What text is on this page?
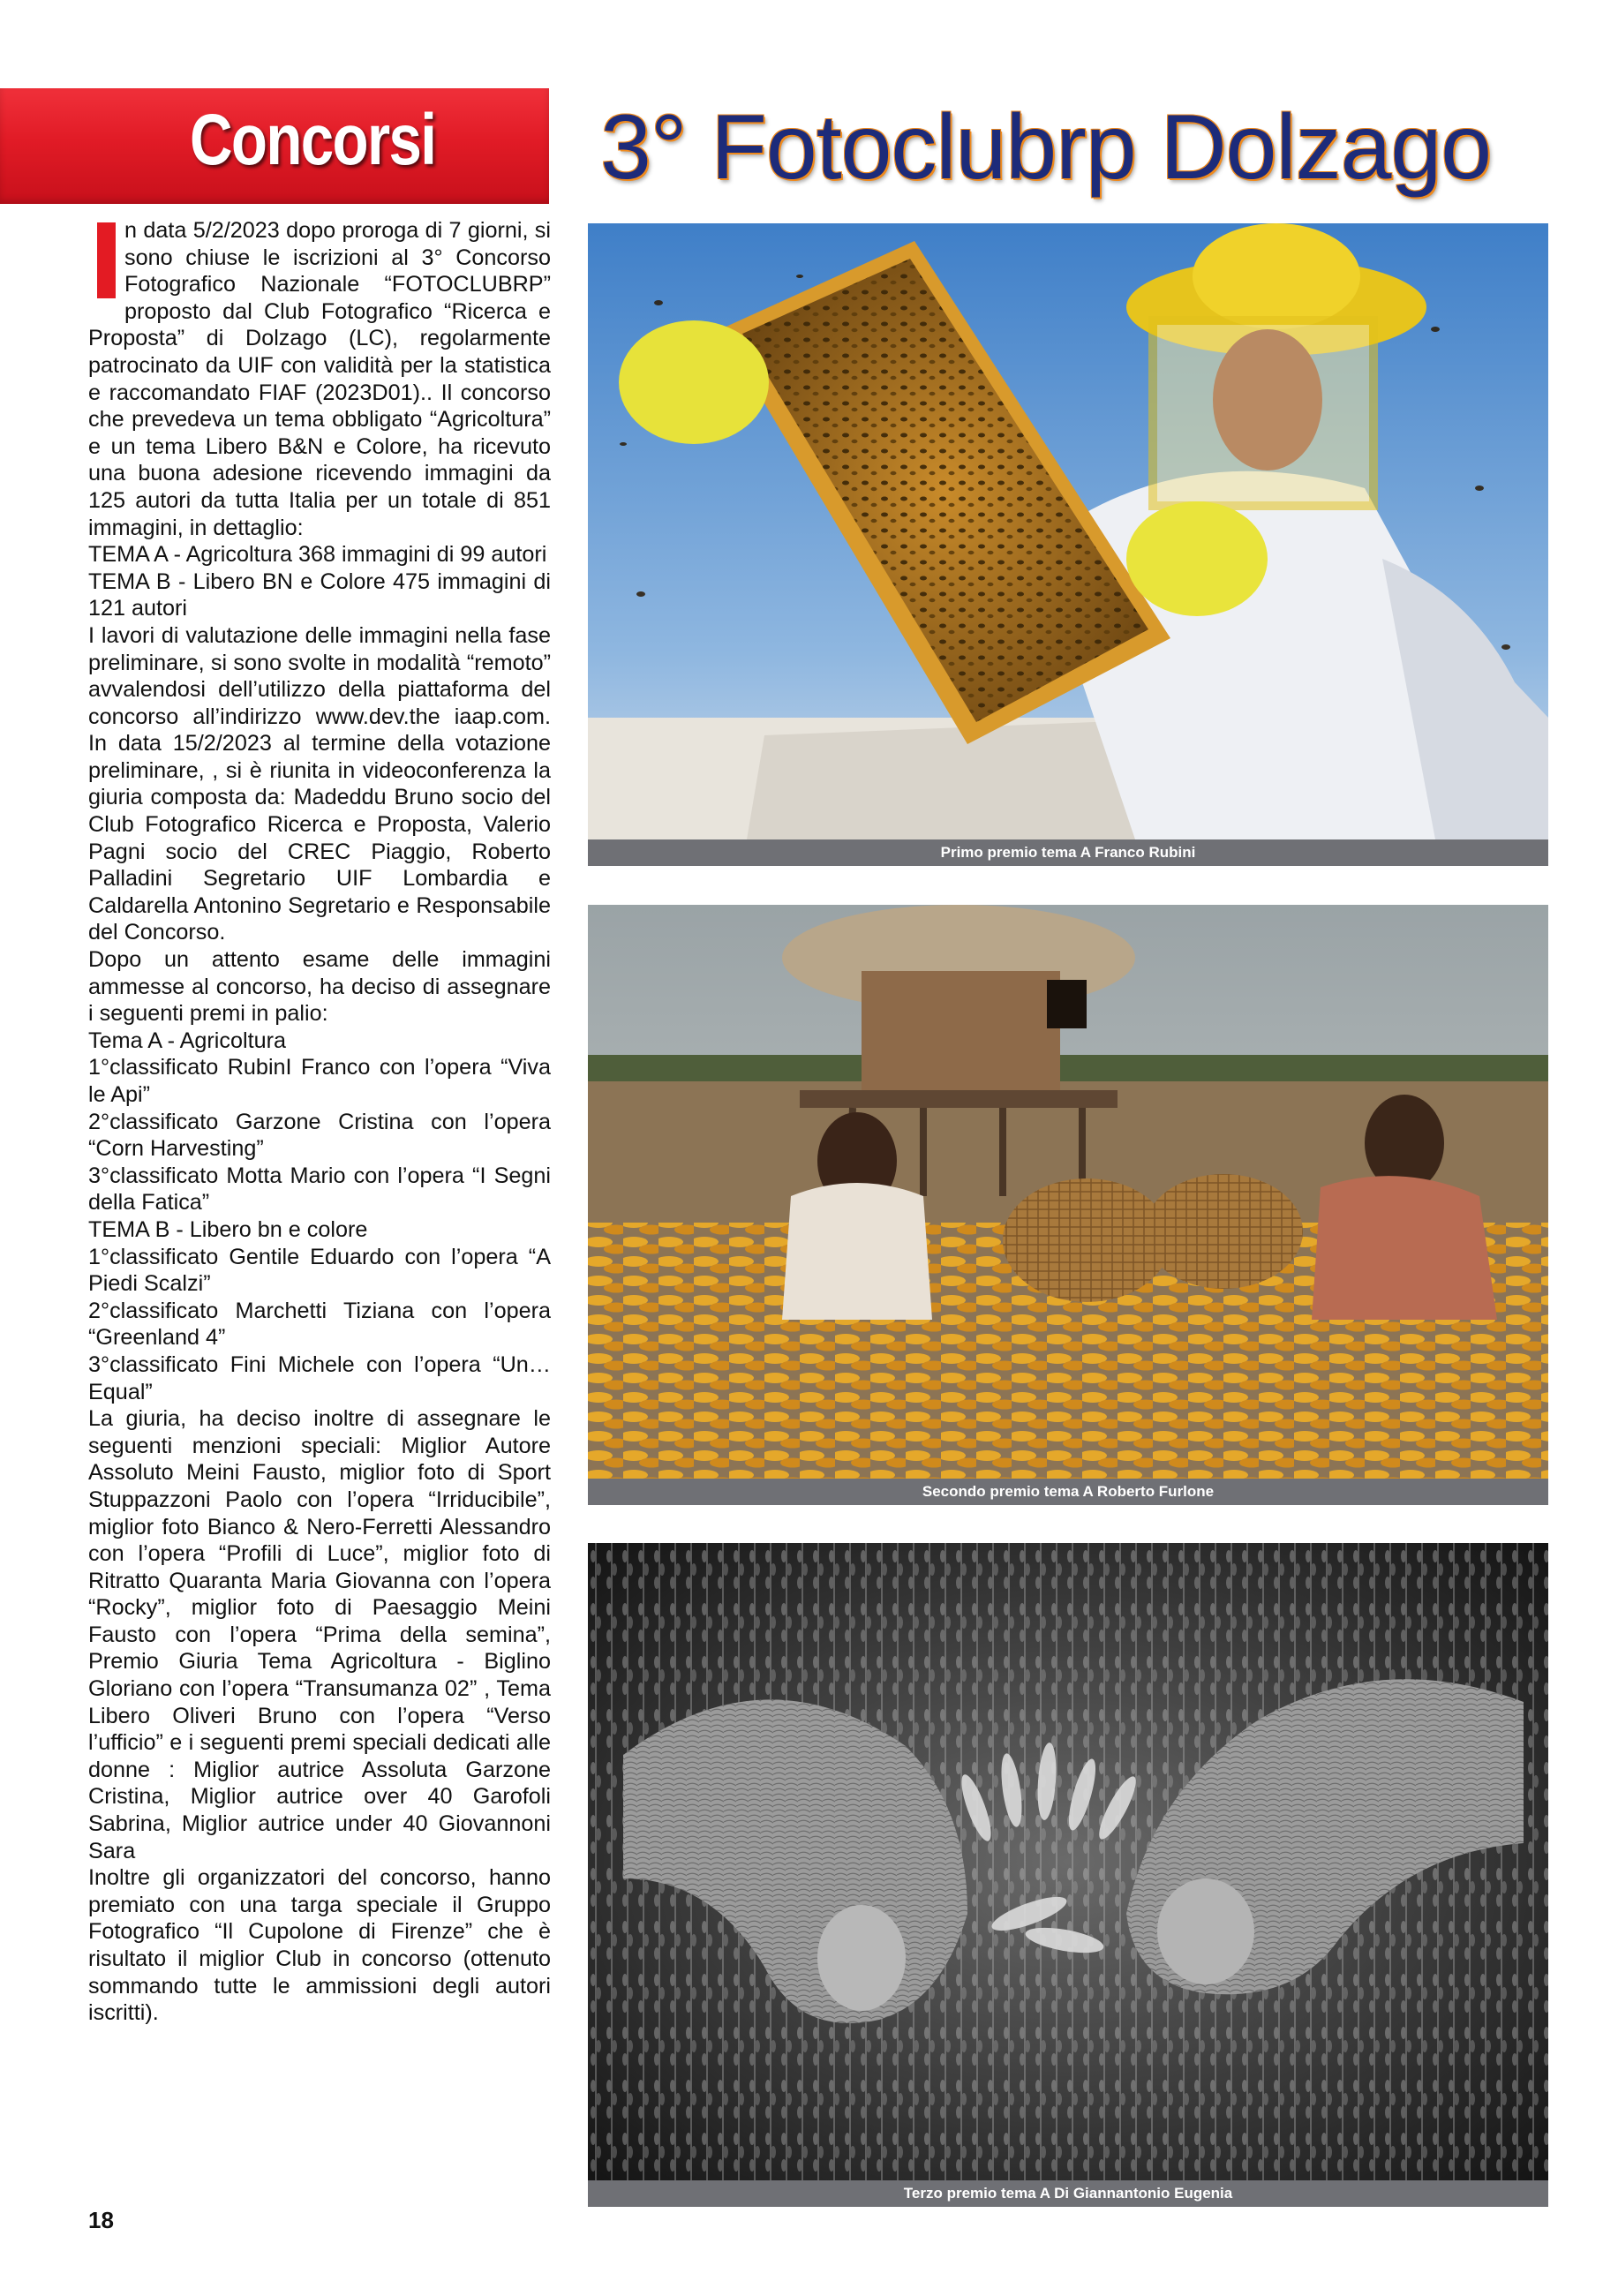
Concorsi 3° Fotoclubrp Dolzago

I	n data 5/2/2023 dopo proroga di 7 giorni, si sono chiuse le iscrizioni al 3° Concorso Fotografico Nazionale “FOTOCLUBRP” proposto dal Club Fotografico “Ricerca e Proposta” di Dolzago (LC), regolarmente patrocinato da UIF con validità per la statistica e raccomandato FIAF (2023D01).. Il concorso che prevedeva un tema obbligato “Agricoltura” e un tema Libero B&N e Colore, ha ricevuto una buona adesione ricevendo immagini da 125 autori da tutta Italia per un totale di 851 immagini, in dettaglio:

TEMA A - Agricoltura 368 immagini di 99 autori

TEMA B - Libero BN e Colore 475 immagini di 121 autori

I lavori di valutazione delle immagini nella fase preliminare, si sono svolte in modalità “remoto” avvalendosi dell’utilizzo della piattaforma del concorso all’indirizzo www.dev.the iaap.com. In data 15/2/2023 al termine della votazione preliminare, , si è riunita in videoconferenza la giuria composta da: Madeddu Bruno socio del Club Fotografico Ricerca e Proposta, Valerio Pagni socio del CREC Piaggio, Roberto Palladini Segretario UIF Lombardia e Caldarella Antonino Segretario e Responsabile del Concorso.

Dopo un attento esame delle immagini ammesse al concorso, ha deciso di assegnare i seguenti premi in palio:

Tema A - Agricoltura

1°classificato RubinI Franco con l’opera “Viva le Api”

2°classificato Garzone Cristina con l’opera “Corn Harvesting”

3°classificato Motta Mario con l’opera “I Segni della Fatica”

TEMA B - Libero bn e colore

1°classificato Gentile Eduardo con l’opera “A Piedi Scalzi”

2°classificato Marchetti Tiziana con l’opera “Greenland 4”

3°classificato Fini Michele con l’opera “Un…Equal”

La giuria, ha deciso inoltre di assegnare le seguenti menzioni speciali: Miglior Autore Assoluto Meini Fausto, miglior foto di Sport Stuppazzoni Paolo con l’opera “Irriducibile”, miglior foto Bianco & Nero-Ferretti Alessandro con l’opera “Profili di Luce”, miglior foto di Ritratto Quaranta Maria Giovanna con l’opera “Rocky”, miglior foto di Paesaggio Meini Fausto con l’opera “Prima della semina”, Premio Giuria Tema Agricoltura - Biglino Gloriano con l’opera “Transumanza 02” , Tema Libero Oliveri Bruno con l’opera “Verso l’ufficio” e i seguenti premi speciali dedicati alle donne : Miglior autrice Assoluta Garzone Cristina, Miglior autrice over 40 Garofoli Sabrina, Miglior autrice under 40 Giovannoni Sara

Inoltre gli organizzatori del concorso, hanno premiato con una targa speciale il Gruppo Fotografico “Il Cupolone di Firenze” che è risultato il miglior Club in concorso (ottenuto sommando tutte le ammissioni degli autori iscritti).

Primo premio tema A Franco Rubini
Secondo premio tema A Roberto Furlone
Terzo premio tema A Di Giannantonio Eugenia
18
